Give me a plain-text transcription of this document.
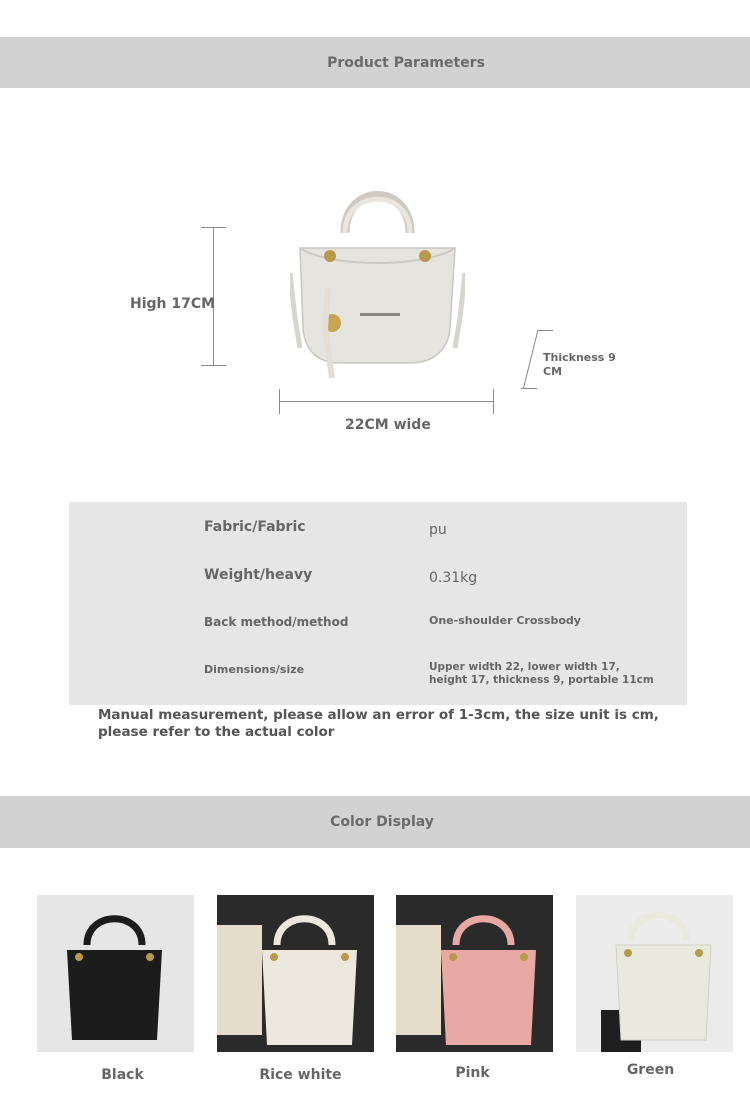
Product Parameters
High 17CM
Thickness 9 CM
22CM wide
Fabric/Fabric	pu
Weight/heavy	0.31kg
Back method/method	One-shoulder Crossbody
Dimensions/size	Upper width 22, lower width 17, height 17, thickness 9, portable 11cm
Manual measurement, please allow an error of 1-3cm, the size unit is cm, please refer to the actual color
Color Display
Black	Rice white	Pink	Green
